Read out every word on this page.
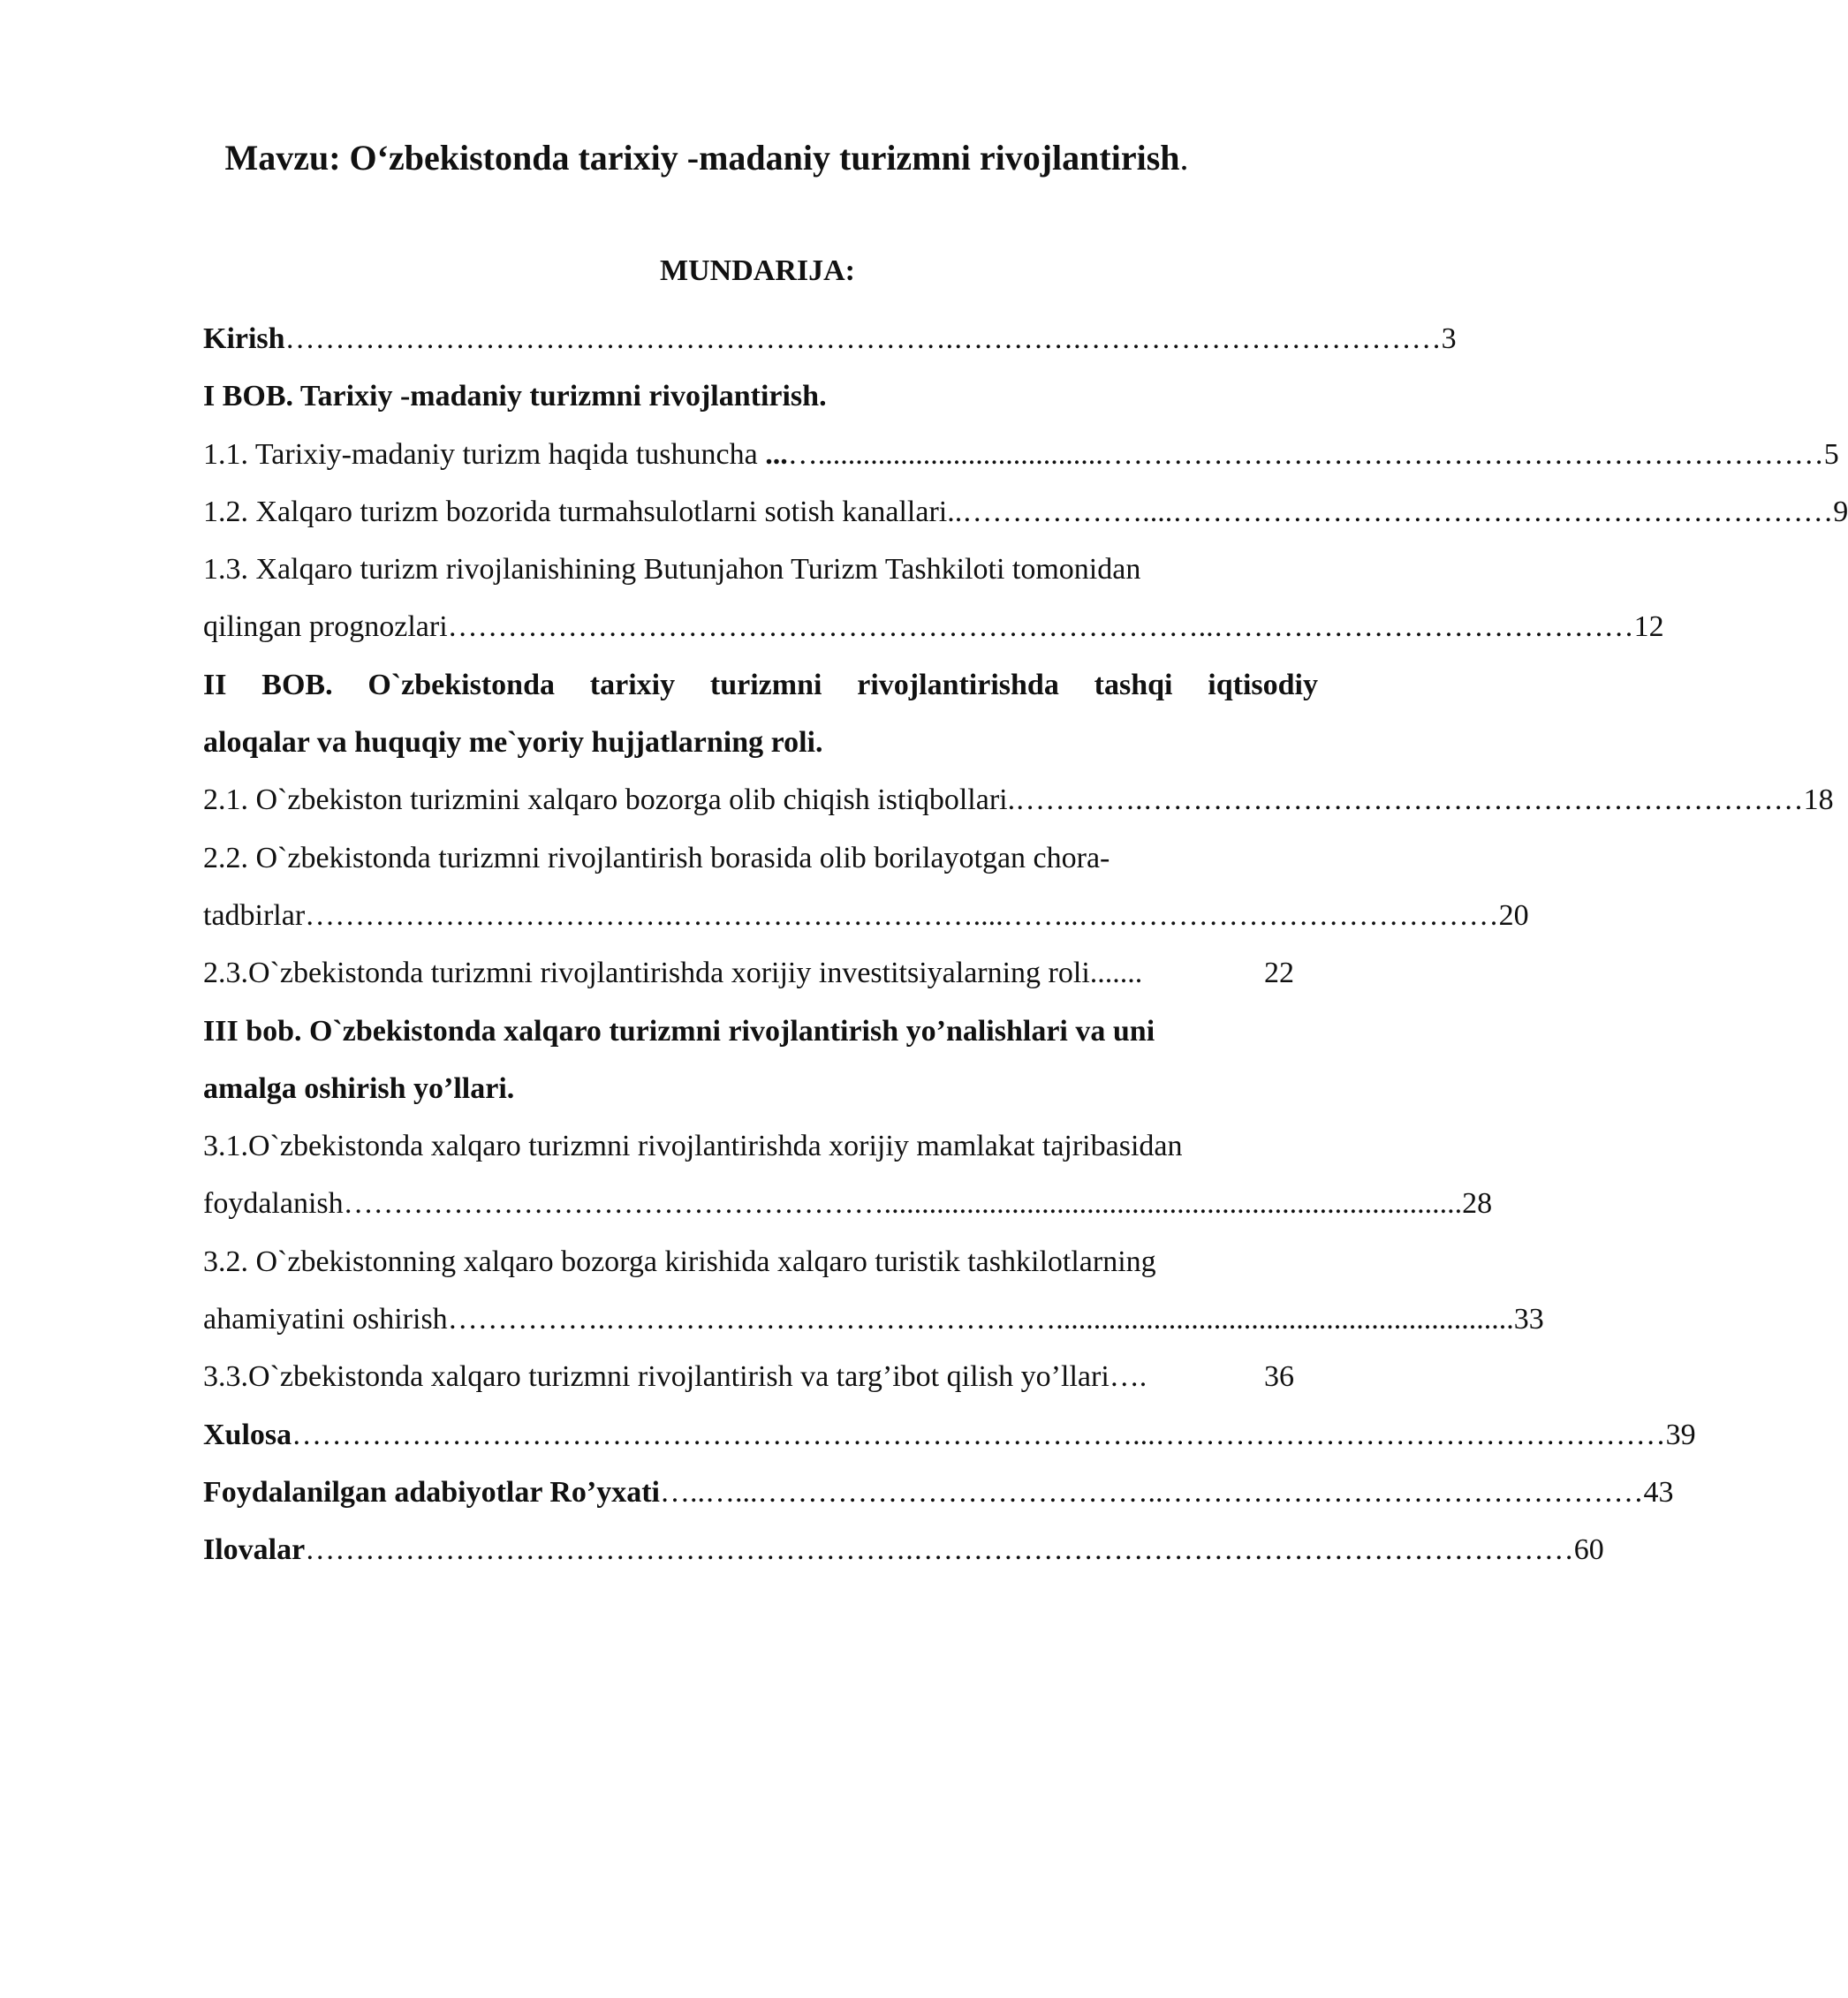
Mavzu: O‘zbekistonda tarixiy -madaniy turizmni rivojlantirish.
MUNDARIJA:
Kirish ………………………………………………………….………….……………………………… 3
I BOB. Tarixiy -madaniy turizmni rivojlantirish.
1.1. Tarixiy-madaniy turizm haqida tushuncha ... …......................................……………………………………………………………… 5
1.2. Xalqaro turizm bozorida turmahsulotlarni sotish kanallari.. ………………....………………………………………………………… 9
1.3. Xalqaro turizm rivojlanishining Butunjahon Turizm Tashkiloti tomonidan
qilingan prognozlari …………………………………………………………………..…………………………………… 12
II BOB. O`zbekistonda tarixiy turizmni rivojlantirishda tashqi iqtisodiy
aloqalar va huquqiy me`yoriy hujjatlarning roli.
2.1. O`zbekiston turizmini xalqaro bozorga olib chiqish istiqbollari. ………….………………………………………………………… 18
2.2. O`zbekistonda turizmni rivojlantirish borasida olib borilayotgan chora-
tadbirlar ……………………………….…………………………....……..…………………………………… 20
2.3.O`zbekistonda turizmni rivojlantirishda xorijiy investitsiyalarning roli.......	22
III bob. O`zbekistonda xalqaro turizmni rivojlantirish yo’nalishlari va uni
amalga oshirish yo’llari.
3.1.O`zbekistonda xalqaro turizmni rivojlantirishda xorijiy mamlakat tajribasidan
foydalanish ………………………………………………............................................................................. 28
3.2. O`zbekistonning xalqaro bozorga kirishida xalqaro turistik tashkilotlarning
ahamiyatini oshirish …………….………………………………………............................................................. 33
3.3.O`zbekistonda xalqaro turizmni rivojlantirish va targ’ibot qilish yo’llari….	36
Xulosa …………………………………………………………………………...…………………………………………… 39
Foydalanilgan adabiyotlar Ro’yxati …..…...…………………………………..………………………………………… 43
Ilovalar …………………………………………………….………………………………………………………… 60
